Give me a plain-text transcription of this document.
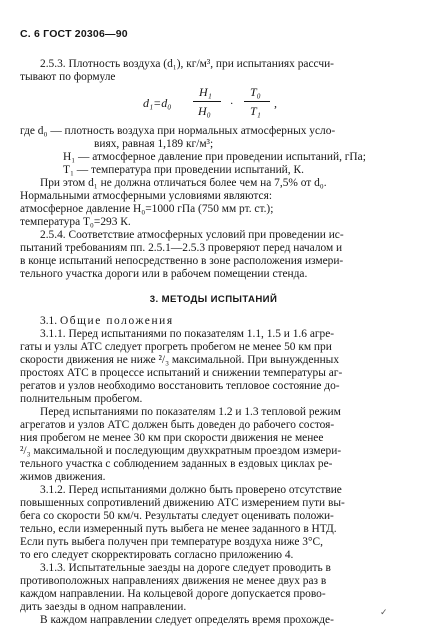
С. 6 ГОСТ 20306—90
2.5.3. Плотность воздуха (d₁), кг/м³, при испытаниях рассчи-
тывают по формуле
d₁=d₀
H₁
H₀
·
T₀
T₁
,
где d₀ — плотность воздуха при нормальных атмосферных усло-
виях, равная 1,189 кг/м³;
H₁ — атмосферное давление при проведении испытаний, гПа;
T₁ — температура при проведении испытаний, К.
При этом d₁ не должна отличаться более чем на 7,5% от d₀.
Нормальными атмосферными условиями являются:
атмосферное давление H₀=1000 гПа (750 мм рт. ст.);
температура T₀=293 К.
2.5.4. Соответствие атмосферных условий при проведении ис-
пытаний требованиям пп. 2.5.1—2.5.3 проверяют перед началом и
в конце испытаний непосредственно в зоне расположения измери-
тельного участка дороги или в рабочем помещении стенда.
3. МЕТОДЫ ИСПЫТАНИЙ
3.1. Общие положения
3.1.1. Перед испытаниями по показателям 1.1, 1.5 и 1.6 агре-
гаты и узлы АТС следует прогреть пробегом не менее 50 км при
скорости движения не ниже ²/₃ максимальной. При вынужденных
простоях АТС в процессе испытаний и снижении температуры аг-
регатов и узлов необходимо восстановить тепловое состояние до-
полнительным пробегом.
Перед испытаниями по показателям 1.2 и 1.3 тепловой режим
агрегатов и узлов АТС должен быть доведен до рабочего состоя-
ния пробегом не менее 30 км при скорости движения не менее
²/₃ максимальной и последующим двухкратным проездом измери-
тельного участка с соблюдением заданных в ездовых циклах ре-
жимов движения.
3.1.2. Перед испытаниями должно быть проверено отсутствие
повышенных сопротивлений движению АТС измерением пути вы-
бега со скорости 50 км/ч. Результаты следует оценивать положи-
тельно, если измеренный путь выбега не менее заданного в НТД.
Если путь выбега получен при температуре воздуха ниже 3°С,
то его следует скорректировать согласно приложению 4.
3.1.3. Испытательные заезды на дороге следует проводить в
противоположных направлениях движения не менее двух раз в
каждом направлении. На кольцевой дороге допускается прово-
дить заезды в одном направлении.
В каждом направлении следует определять время прохожде-
✓
